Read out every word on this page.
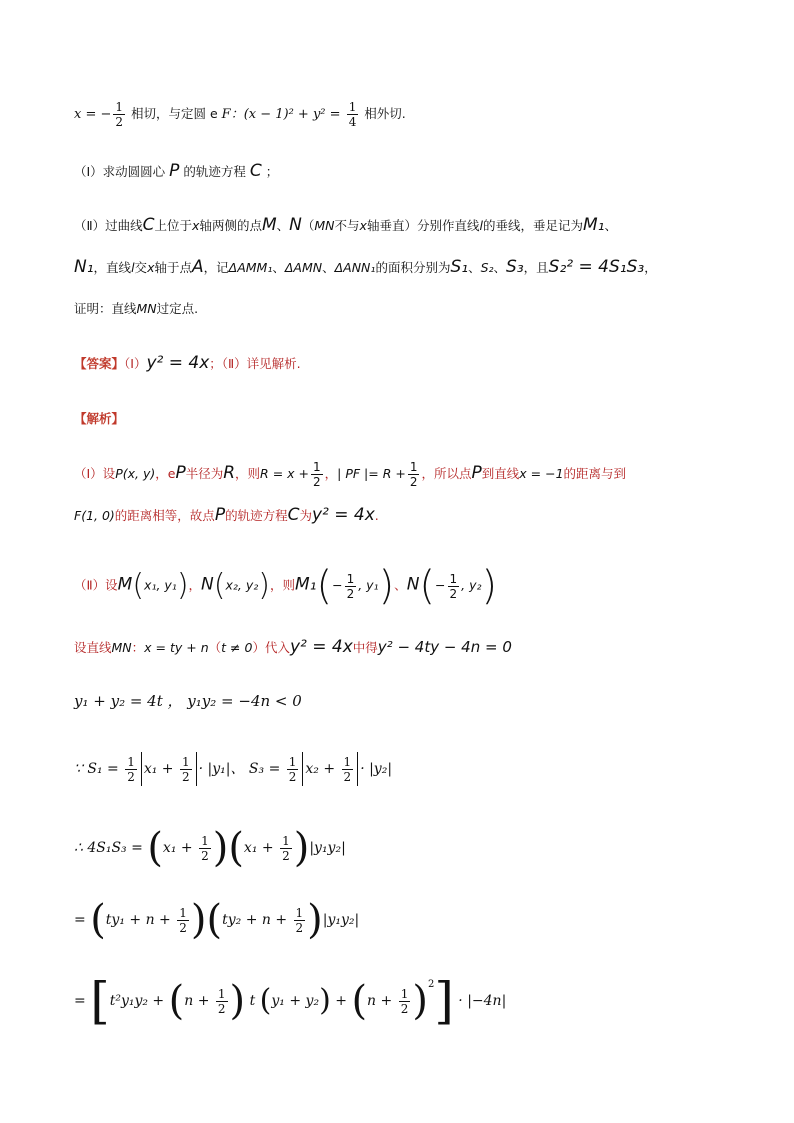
x = − $\frac{1}{2}$ 相切，与定圆 e F：$(x - 1)^2 + y^2 = \frac{1}{4}$ 相外切.
（Ⅰ）求动圆圆心 P 的轨迹方程 C ；
（Ⅱ）过曲线C上位于x轴两侧的点M、N（MN不与x轴垂直）分别作直线l的垂线，垂足记为M₁、
N₁，直线l交x轴于点A，记ΔAMM₁、ΔAMN、ΔANN₁的面积分别为S₁、S₂、S₃，且S₂² = 4S₁S₃，
证明：直线MN过定点.
【答案】（Ⅰ）y² = 4x；（Ⅱ）详见解析.
【解析】
（Ⅰ）设P(x, y)，eP半径为R，则$R = x + \frac{1}{2}$ ，| PF |= $R + \frac{1}{2}$ ，所以点P到直线x = −1的距离与到
F(1, 0)的距离相等，故点P的轨迹方程C为y² = 4x.
（Ⅱ）设M(x₁, y₁)，N(x₂, y₂)，则$M_1(- \frac{1}{2}$ , y₁)、$N(- \frac{1}{2}$ , y₂)
设直线MN：x = ty + n（t ≠ 0）代入y² = 4x中得y² − 4ty − 4n = 0
y₁ + y₂ = 4t ， y₁y₂ = −4n < 0
∵ $S_1 = \frac{1}{2} x_1 + \frac{1}{2} \cdot |y_1|$、 $S_3 = \frac{1}{2} x_2 + \frac{1}{2} \cdot |y_2|$
∴ $4S_1S_3 = (x_1 + \frac{1}{2} )(x_1 + \frac{1}{2} )|y_1y_2|$
= $(ty_1 + n + \frac{1}{2} )(ty_2 + n + \frac{1}{2} )|y_1y_2|$
= [$t^2y_1y_2 + (n + \frac{1}{2}$ ) t $(y_1 + y_2) + (n + \frac{1}{2} )^2] \cdot |-4n|$
